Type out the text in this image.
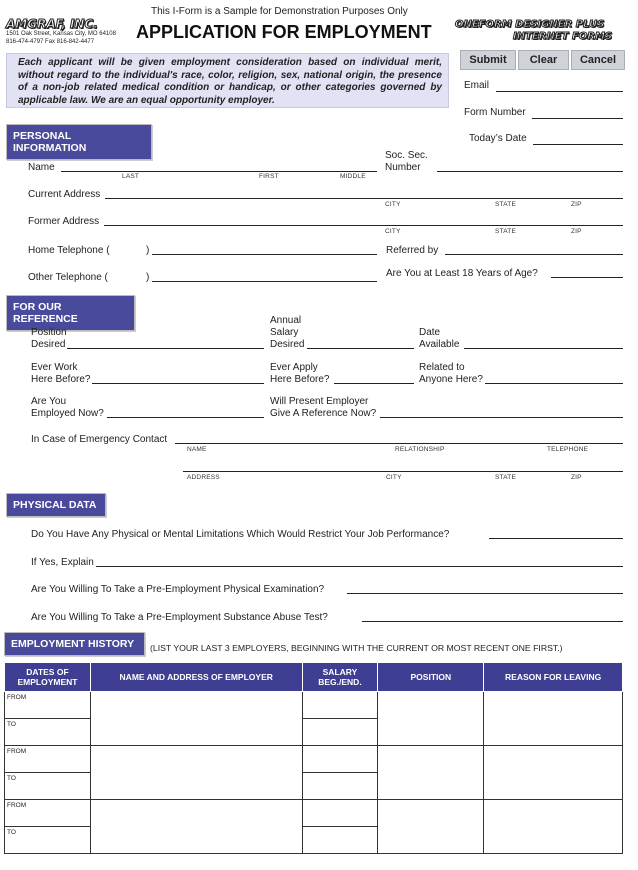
This I-Form is a Sample for Demonstration Purposes Only
AMGRAF, INC.
1501 Oak Street, Kansas City, MO 64108
816-474-4797 Fax 816-842-4477 APPLICATION FOR EMPLOYMENT ONEFORM DESIGNER PLUS
INTERNET FORMS
Submit	Clear	Cancel
Each applicant will be given employment consideration based on individual merit, without regard to the individual's race, color, religion, sex, national origin, the presence of a non-job related medical condition or handicap, or other categories governed by applicable law. We are an equal opportunity employer.
Email
Form Number
Today’s Date
PERSONAL INFORMATION
Name
LAST	FIRST	MIDDLE
Soc. Sec.
Number
Current Address
CITY	STATE	ZIP
Former Address
CITY	STATE	ZIP
Home Telephone (	)	Referred by
Other Telephone (	)	Are You at Least 18 Years of Age?
FOR OUR REFERENCE
Position
Desired
Annual
Salary
Desired
Date
Available
Ever Work
Here Before?
Ever Apply
Here Before?
Related to
Anyone Here?
Are You
Employed Now?
Will Present Employer
Give A Reference Now?
In Case of Emergency Contact
NAME	RELATIONSHIP	TELEPHONE
ADDRESS	CITY	STATE	ZIP
PHYSICAL DATA
Do You Have Any Physical or Mental Limitations Which Would Restrict Your Job Performance?
If Yes, Explain
Are You Willing To Take a Pre-Employment Physical Examination?
Are You Willing To Take a Pre-Employment Substance Abuse Test?
EMPLOYMENT HISTORY	(LIST YOUR LAST 3 EMPLOYERS, BEGINNING WITH THE CURRENT OR MOST RECENT ONE FIRST.)
DATES OF EMPLOYMENT	NAME AND ADDRESS OF EMPLOYER	SALARY BEG./END.	POSITION	REASON FOR LEAVING
FROM				
TO				
FROM				
TO				
FROM				
TO				
